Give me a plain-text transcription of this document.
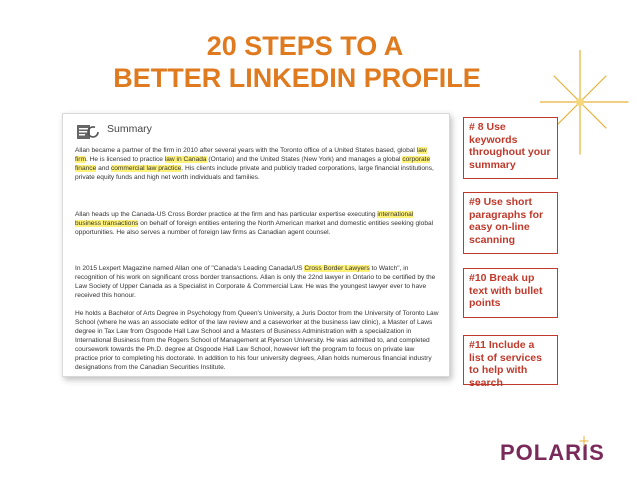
20 STEPS TO A
BETTER LINKEDIN PROFILE
Summary

Allan became a partner of the firm in 2010 after several years with the Toronto office of a United States based, global law firm. He is licensed to practice law in Canada (Ontario) and the United States (New York) and manages a global corporate finance and commercial law practice. His clients include private and publicly traded corporations, large financial institutions, private equity funds and high net worth individuals and families.

Allan heads up the Canada-US Cross Border practice at the firm and has particular expertise executing international business transactions on behalf of foreign entities entering the North American market and domestic entities seeking global opportunities. He also serves a number of foreign law firms as Canadian agent counsel.

In 2015 Lexpert Magazine named Allan one of "Canada's Leading Canada/US Cross Border Lawyers to Watch", in recognition of his work on significant cross border transactions. Allan is only the 22nd lawyer in Ontario to be certified by the Law Society of Upper Canada as a Specialist in Corporate & Commercial Law. He was the youngest lawyer ever to have received this honour.

He holds a Bachelor of Arts Degree in Psychology from Queen's University, a Juris Doctor from the University of Toronto Law School (where he was an associate editor of the law review and a caseworker at the business law clinic), a Master of Laws degree in Tax Law from Osgoode Hall Law School and a Masters of Business Administration with a specialization in International Business from the Rogers School of Management at Ryerson University. He was admitted to, and completed coursework towards the Ph.D. degree at Osgoode Hall Law School, however left the program to focus on private law practice prior to completing his doctorate. In addition to his four university degrees, Allan holds numerous financial industry designations from the Canadian Securities Institute.

# 8 Use keywords throughout your summary
#9 Use short paragraphs for easy on-line scanning
#10 Break up text with bullet points
#11 Include a list of services to help with search
POLARIS
